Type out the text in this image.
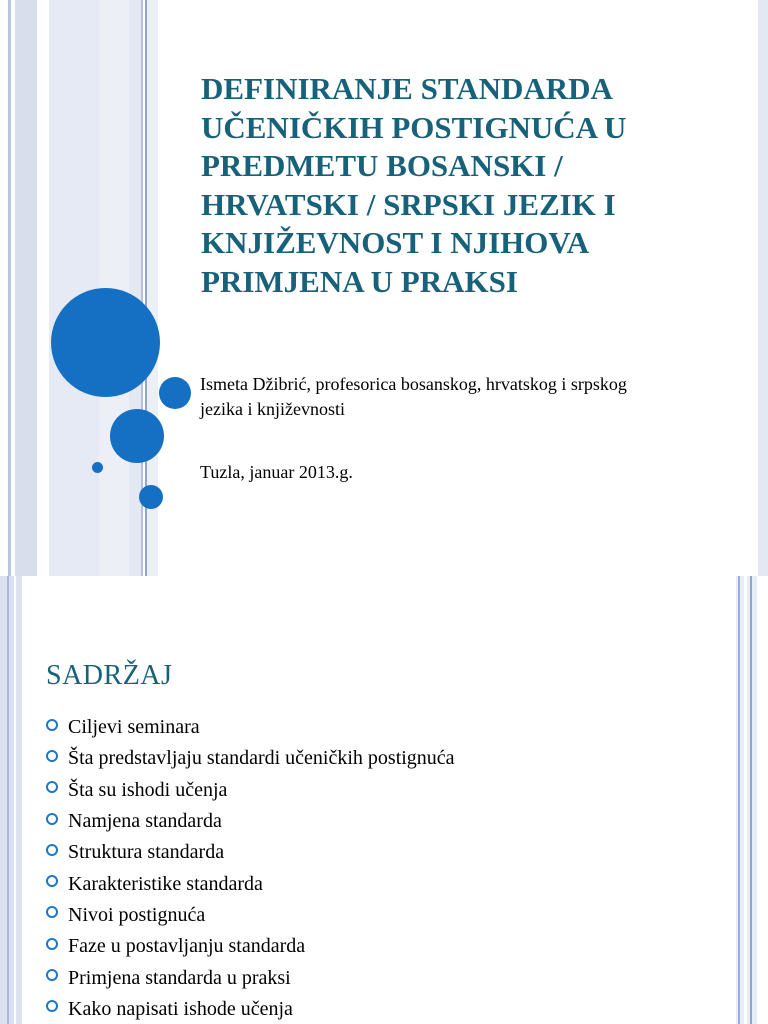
DEFINIRANJE STANDARDA UČENIČKIH POSTIGNUĆA U PREDMETU BOSANSKI / HRVATSKI / SRPSKI JEZIK I KNJIŽEVNOST I NJIHOVA PRIMJENA U PRAKSI

Ismeta Džibrić, profesorica bosanskog, hrvatskog i srpskog jezika i književnosti

Tuzla, januar 2013.g.

SADRŽAJ
Ciljevi seminara
Šta predstavljaju standardi učeničkih postignuća
Šta su ishodi učenja
Namjena standarda
Struktura standarda
Karakteristike standarda
Nivoi postignuća
Faze u postavljanju standarda
Primjena standarda u praksi
Kako napisati ishode učenja
